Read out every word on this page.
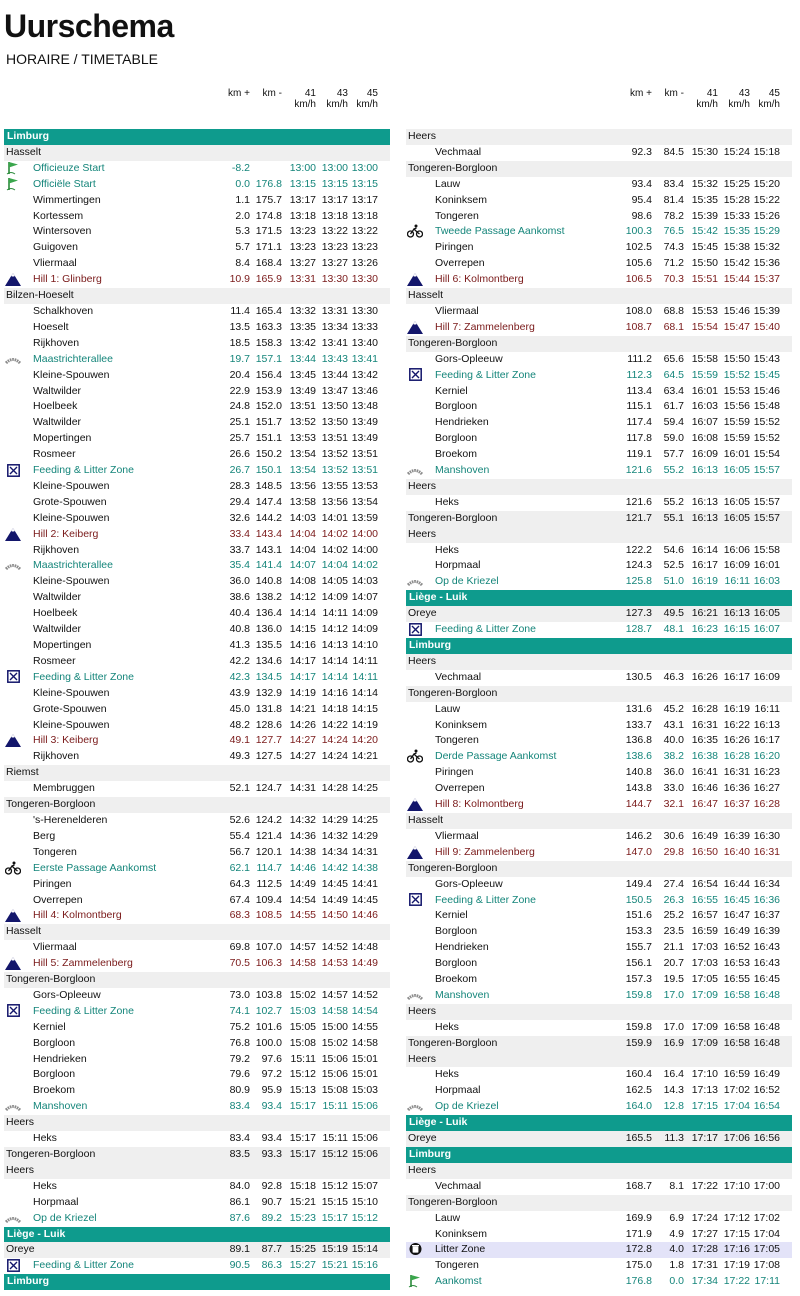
Uurschema
HORAIRE / TIMETABLE
km +	km -	41
km/h
43
km/h
45
km/h
Limburg
Hasselt
Officieuze Start	-8.2	13:00 13:00 13:00
Officiële Start	0.0 176.8 13:15 13:15 13:15
Wimmertingen	1.1 175.7 13:17 13:17 13:17
Kortessem	2.0 174.8 13:18 13:18 13:18
Wintersoven	5.3 171.5 13:23 13:22 13:22
Guigoven	5.7 171.1 13:23 13:23 13:23
Vliermaal	8.4 168.4 13:27 13:27 13:26
Hill 1: Glinberg	10.9 165.9 13:31 13:30 13:30
Bilzen-Hoeselt
Schalkhoven	11.4 165.4 13:32 13:31 13:30
Hoeselt	13.5 163.3 13:35 13:34 13:33
Rijkhoven	18.5 158.3 13:42 13:41 13:40
Maastrichterallee	19.7 157.1 13:44 13:43 13:41
Kleine-Spouwen	20.4 156.4 13:45 13:44 13:42
Waltwilder	22.9 153.9 13:49 13:47 13:46
Hoelbeek	24.8 152.0 13:51 13:50 13:48
Waltwilder	25.1 151.7 13:52 13:50 13:49
Mopertingen	25.7 151.1 13:53 13:51 13:49
Rosmeer	26.6 150.2 13:54 13:52 13:51
Feeding & Litter Zone	26.7 150.1 13:54 13:52 13:51
Kleine-Spouwen	28.3 148.5 13:56 13:55 13:53
Grote-Spouwen	29.4 147.4 13:58 13:56 13:54
Kleine-Spouwen	32.6 144.2 14:03 14:01 13:59
Hill 2: Keiberg	33.4 143.4 14:04 14:02 14:00
Rijkhoven	33.7 143.1 14:04 14:02 14:00
Maastrichterallee	35.4 141.4 14:07 14:04 14:02
Kleine-Spouwen	36.0 140.8 14:08 14:05 14:03
Waltwilder	38.6 138.2 14:12 14:09 14:07
Hoelbeek	40.4 136.4 14:14 14:11 14:09
Waltwilder	40.8 136.0 14:15 14:12 14:09
Mopertingen	41.3 135.5 14:16 14:13 14:10
Rosmeer	42.2 134.6 14:17 14:14 14:11
Feeding & Litter Zone	42.3 134.5 14:17 14:14 14:11
Kleine-Spouwen	43.9 132.9 14:19 14:16 14:14
Grote-Spouwen	45.0 131.8 14:21 14:18 14:15
Kleine-Spouwen	48.2 128.6 14:26 14:22 14:19
Hill 3: Keiberg	49.1 127.7 14:27 14:24 14:20
Rijkhoven	49.3 127.5 14:27 14:24 14:21
Riemst
Membruggen	52.1 124.7 14:31 14:28 14:25
Tongeren-Borgloon
's-Herenelderen	52.6 124.2 14:32 14:29 14:25
Berg	55.4 121.4 14:36 14:32 14:29
Tongeren	56.7 120.1 14:38 14:34 14:31
Eerste Passage Aankomst	62.1 114.7 14:46 14:42 14:38
Piringen	64.3 112.5 14:49 14:45 14:41
Overrepen	67.4 109.4 14:54 14:49 14:45
Hill 4: Kolmontberg	68.3 108.5 14:55 14:50 14:46
Hasselt
Vliermaal	69.8 107.0 14:57 14:52 14:48
Hill 5: Zammelenberg	70.5 106.3 14:58 14:53 14:49
Tongeren-Borgloon
Gors-Opleeuw	73.0 103.8 15:02 14:57 14:52
Feeding & Litter Zone	74.1 102.7 15:03 14:58 14:54
Kerniel	75.2 101.6 15:05 15:00 14:55
Borgloon	76.8 100.0 15:08 15:02 14:58
Hendrieken	79.2	97.6 15:11 15:06 15:01
Borgloon	79.6	97.2 15:12 15:06 15:01
Broekom	80.9	95.9 15:13 15:08 15:03
Manshoven	83.4	93.4 15:17 15:11 15:06
Heers
Heks	83.4	93.4 15:17 15:11 15:06
Tongeren-Borgloon	83.5	93.3 15:17 15:12 15:06
Heers
Heks	84.0	92.8 15:18 15:12 15:07
Horpmaal	86.1	90.7 15:21 15:15 15:10
Op de Kriezel	87.6	89.2 15:23 15:17 15:12
Liège - Luik
Oreye	89.1	87.7 15:25 15:19 15:14
Feeding & Litter Zone	90.5	86.3 15:27 15:21 15:16
Limburg
km +	km -	41
km/h
43
km/h
45
km/h
Heers
Vechmaal	92.3	84.5 15:30 15:24 15:18
Tongeren-Borgloon
Lauw	93.4	83.4 15:32 15:25 15:20
Koninksem	95.4	81.4 15:35 15:28 15:22
Tongeren	98.6	78.2 15:39 15:33 15:26
Tweede Passage Aankomst	100.3	76.5 15:42 15:35 15:29
Piringen	102.5	74.3 15:45 15:38 15:32
Overrepen	105.6	71.2 15:50 15:42 15:36
Hill 6: Kolmontberg	106.5	70.3 15:51 15:44 15:37
Hasselt
Vliermaal	108.0	68.8 15:53 15:46 15:39
Hill 7: Zammelenberg	108.7	68.1 15:54 15:47 15:40
Tongeren-Borgloon
Gors-Opleeuw	111.2	65.6 15:58 15:50 15:43
Feeding & Litter Zone	112.3	64.5 15:59 15:52 15:45
Kerniel	113.4	63.4 16:01 15:53 15:46
Borgloon	115.1	61.7 16:03 15:56 15:48
Hendrieken	117.4	59.4 16:07 15:59 15:52
Borgloon	117.8	59.0 16:08 15:59 15:52
Broekom	119.1	57.7 16:09 16:01 15:54
Manshoven	121.6	55.2 16:13 16:05 15:57
Heers
Heks	121.6	55.2 16:13 16:05 15:57
Tongeren-Borgloon	121.7	55.1 16:13 16:05 15:57
Heers
Heks	122.2	54.6 16:14 16:06 15:58
Horpmaal	124.3	52.5 16:17 16:09 16:01
Op de Kriezel	125.8	51.0 16:19 16:11 16:03
Liège - Luik
Oreye	127.3	49.5 16:21 16:13 16:05
Feeding & Litter Zone	128.7	48.1 16:23 16:15 16:07
Limburg
Heers
Vechmaal	130.5	46.3 16:26 16:17 16:09
Tongeren-Borgloon
Lauw	131.6	45.2 16:28 16:19 16:11
Koninksem	133.7	43.1 16:31 16:22 16:13
Tongeren	136.8	40.0 16:35 16:26 16:17
Derde Passage Aankomst	138.6	38.2 16:38 16:28 16:20
Piringen	140.8	36.0 16:41 16:31 16:23
Overrepen	143.8	33.0 16:46 16:36 16:27
Hill 8: Kolmontberg	144.7	32.1 16:47 16:37 16:28
Hasselt
Vliermaal	146.2	30.6 16:49 16:39 16:30
Hill 9: Zammelenberg	147.0	29.8 16:50 16:40 16:31
Tongeren-Borgloon
Gors-Opleeuw	149.4	27.4 16:54 16:44 16:34
Feeding & Litter Zone	150.5	26.3 16:55 16:45 16:36
Kerniel	151.6	25.2 16:57 16:47 16:37
Borgloon	153.3	23.5 16:59 16:49 16:39
Hendrieken	155.7	21.1 17:03 16:52 16:43
Borgloon	156.1	20.7 17:03 16:53 16:43
Broekom	157.3	19.5 17:05 16:55 16:45
Manshoven	159.8	17.0 17:09 16:58 16:48
Heers
Heks	159.8	17.0 17:09 16:58 16:48
Tongeren-Borgloon	159.9	16.9 17:09 16:58 16:48
Heers
Heks	160.4	16.4 17:10 16:59 16:49
Horpmaal	162.5	14.3 17:13 17:02 16:52
Op de Kriezel	164.0	12.8 17:15 17:04 16:54
Liège - Luik
Oreye	165.5	11.3 17:17 17:06 16:56
Limburg
Heers
Vechmaal	168.7	8.1 17:22 17:10 17:00
Tongeren-Borgloon
Lauw	169.9	6.9 17:24 17:12 17:02
Koninksem	171.9	4.9 17:27 17:15 17:04
Litter Zone	172.8	4.0 17:28 17:16 17:05
Tongeren	175.0	1.8 17:31 17:19 17:08
Aankomst	176.8	0.0 17:34 17:22 17:11
